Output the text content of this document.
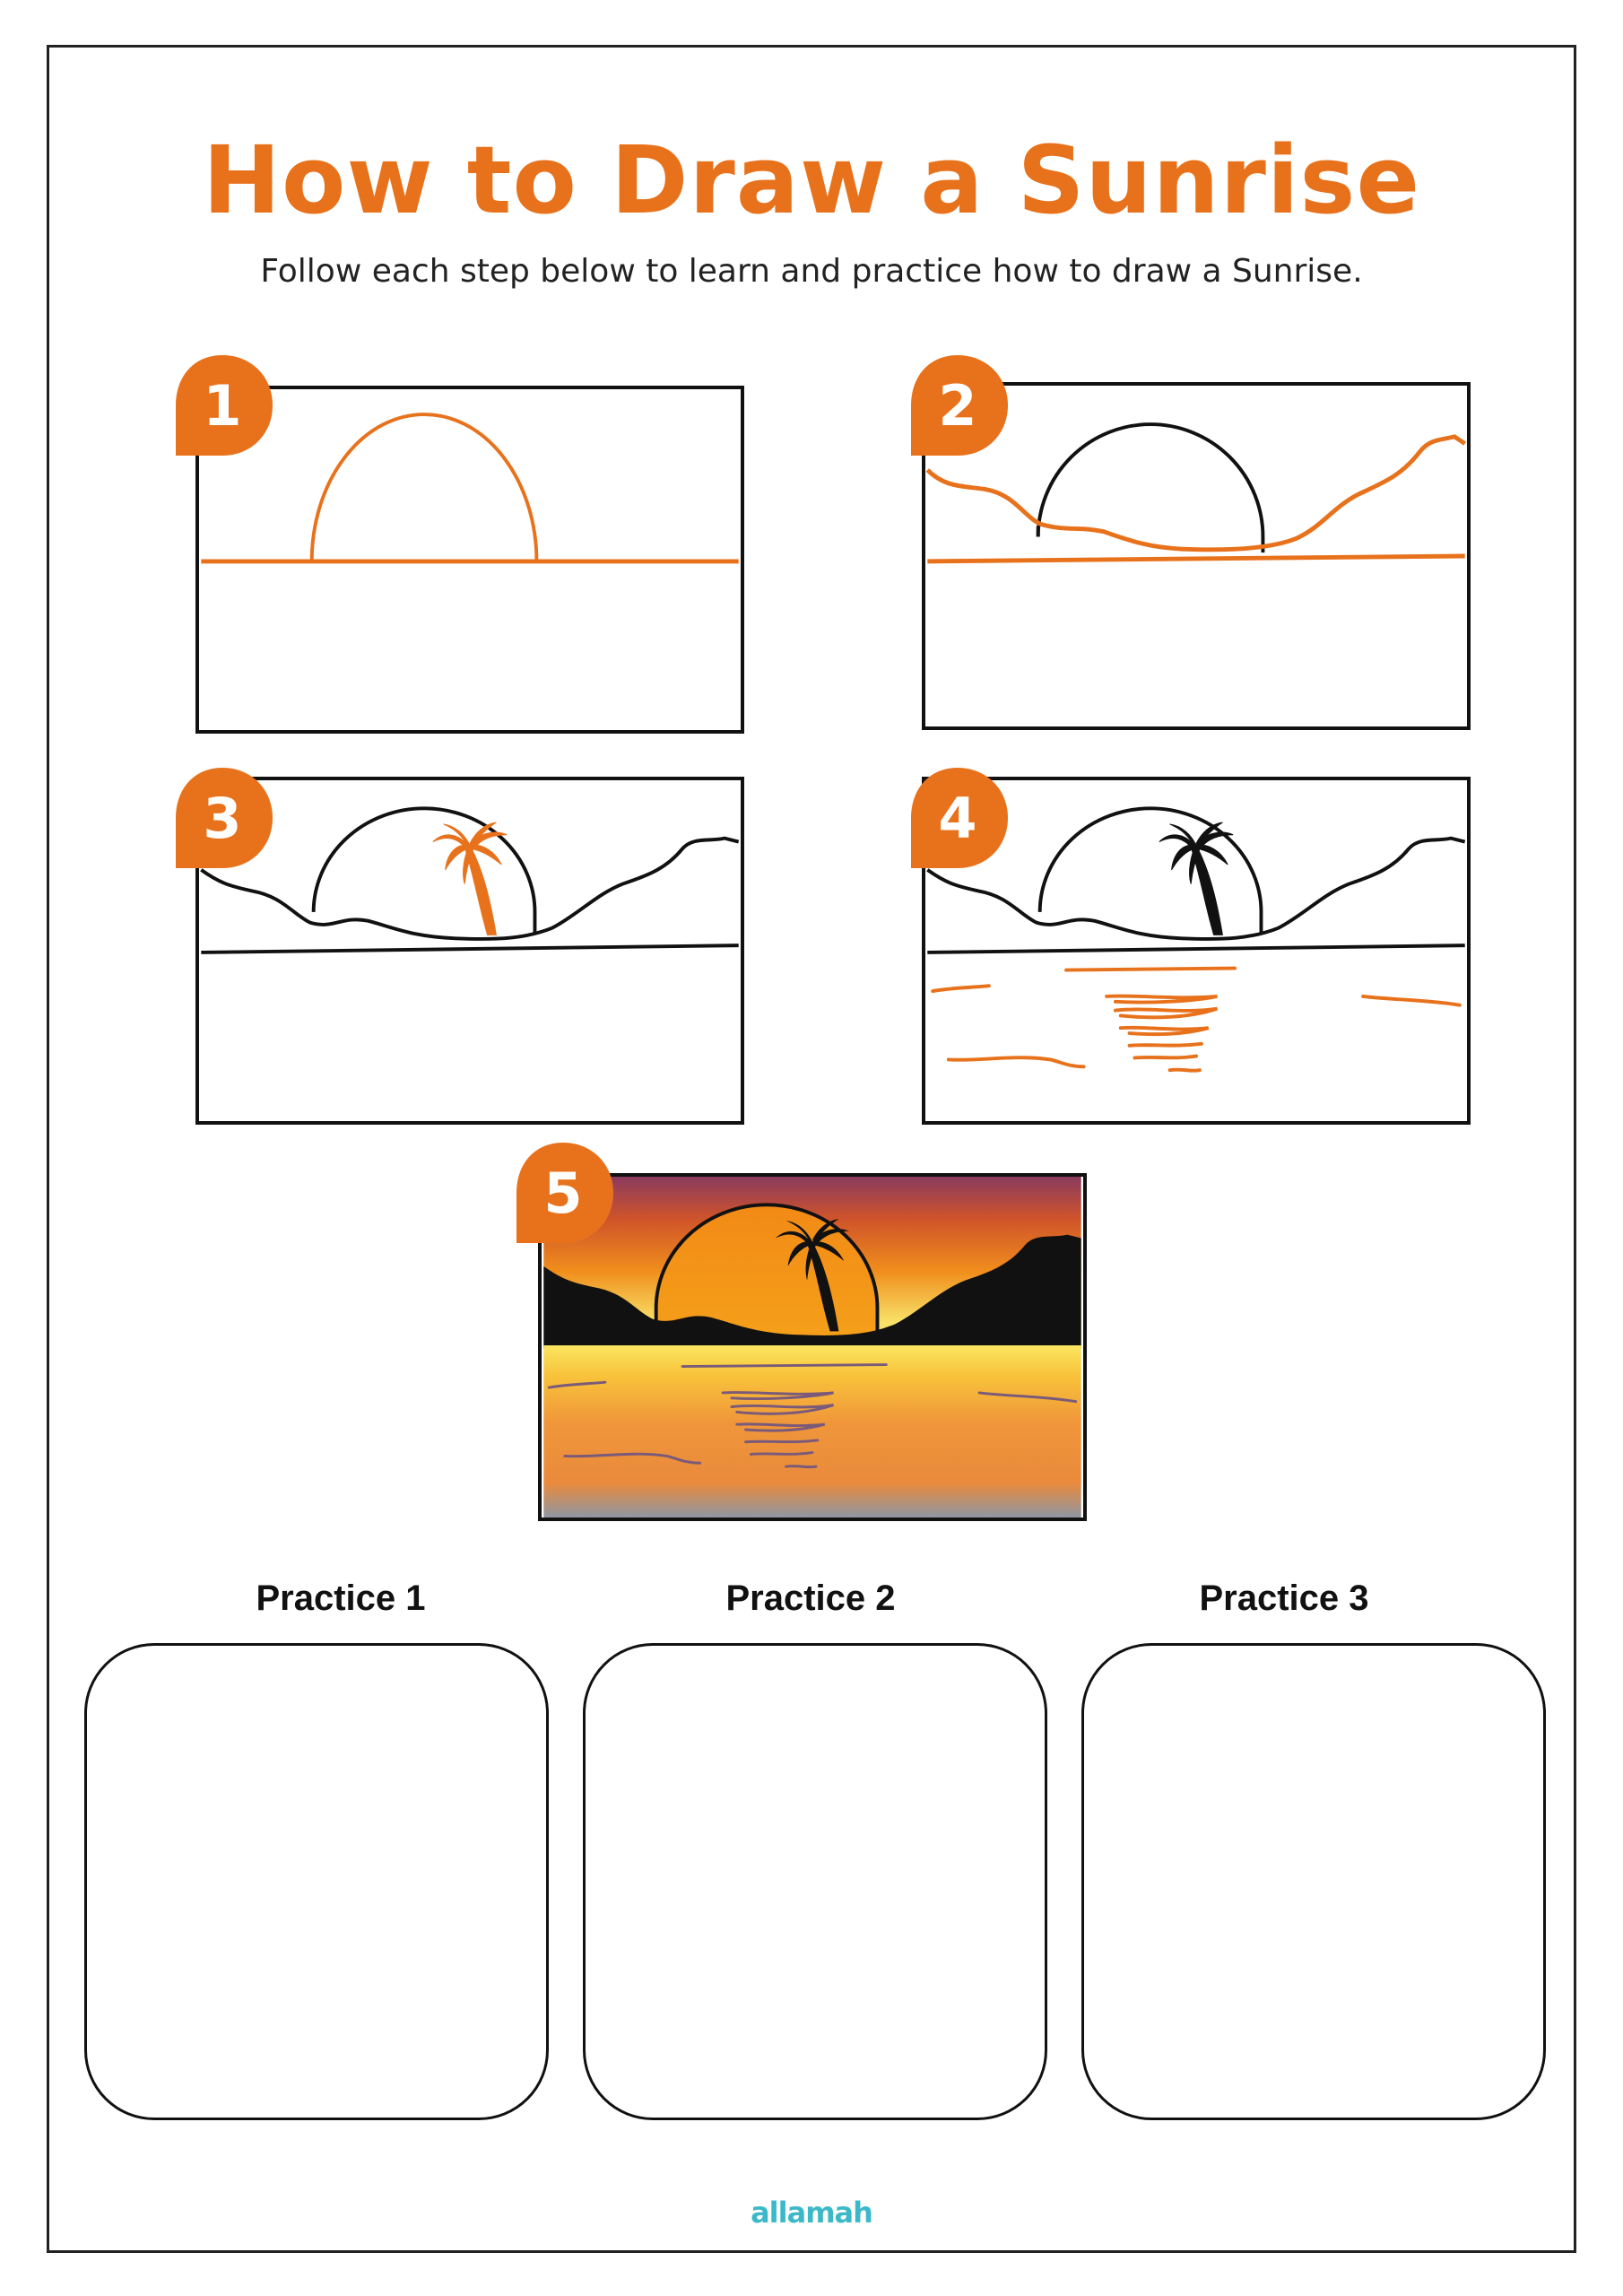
How to Draw a Sunrise
Follow each step below to learn and practice how to draw a Sunrise.
1	2
3	4
5
Practice 1	Practice 2	Practice 3
allamah
